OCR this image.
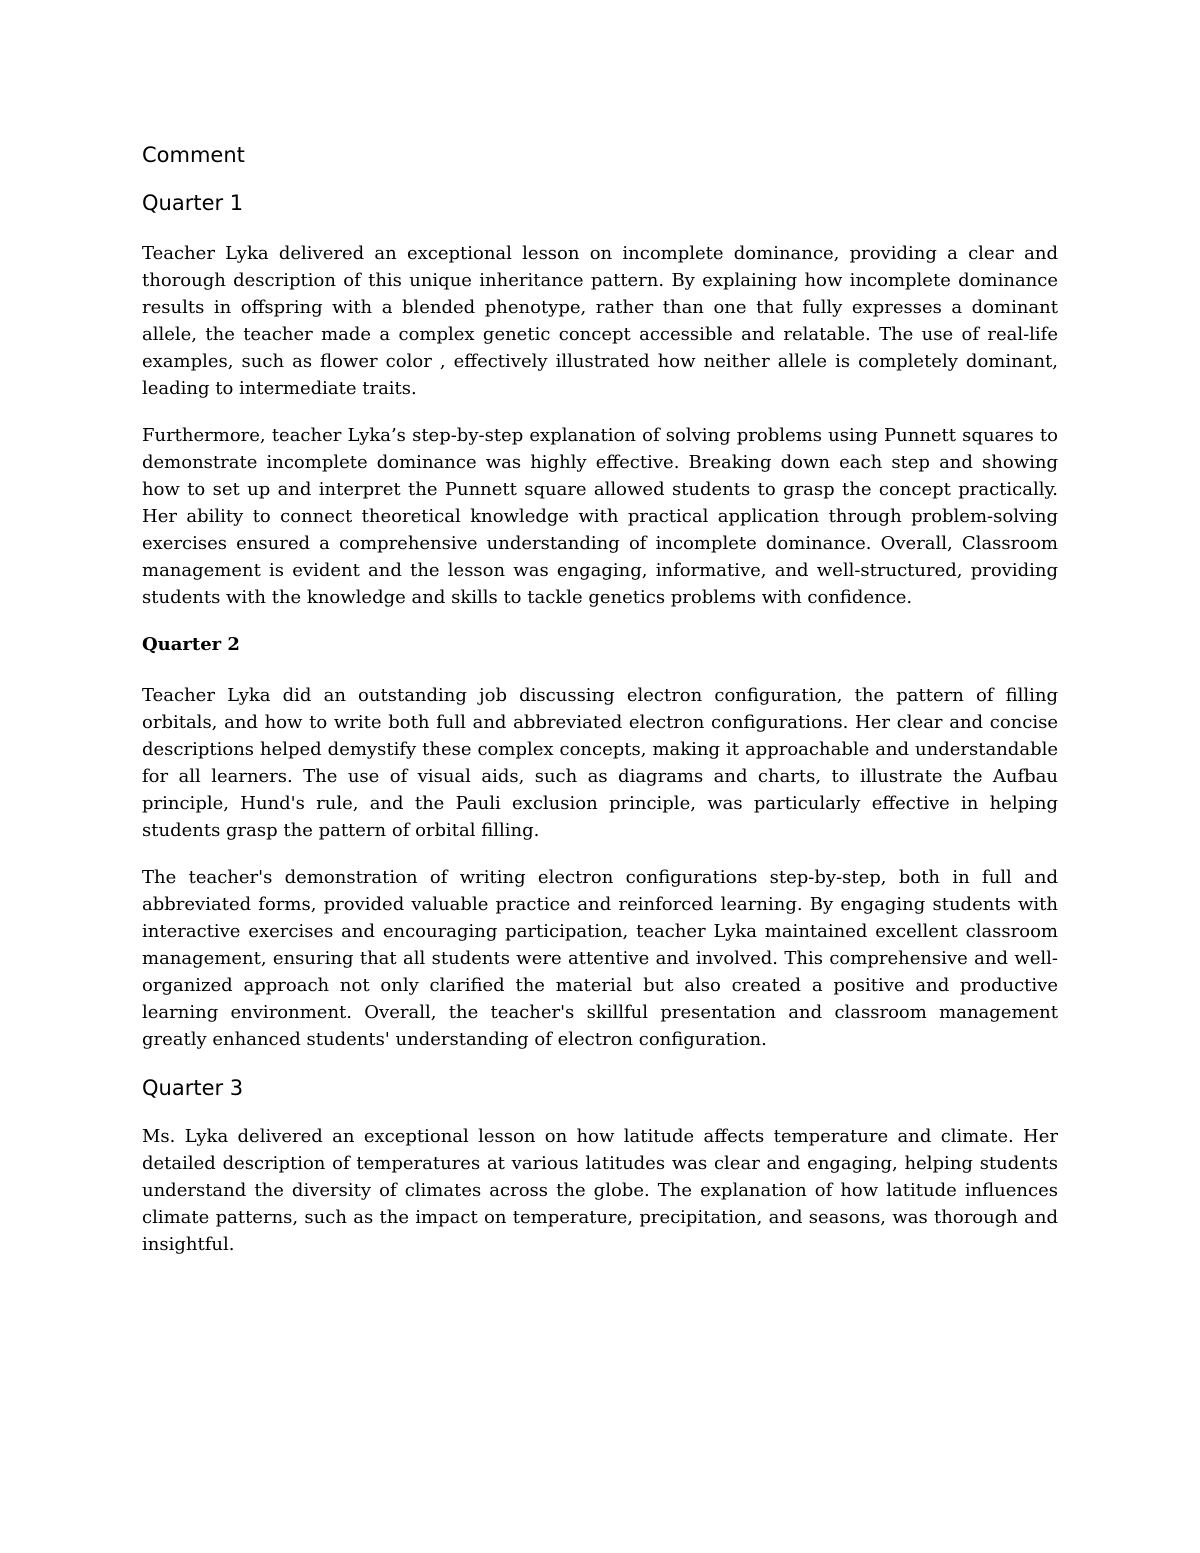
Comment
Quarter 1

Teacher Lyka delivered an exceptional lesson on incomplete dominance, providing a clear and thorough description of this unique inheritance pattern. By explaining how incomplete dominance results in offspring with a blended phenotype, rather than one that fully expresses a dominant allele, the teacher made a complex genetic concept accessible and relatable. The use of real-life examples, such as flower color , effectively illustrated how neither allele is completely dominant, leading to intermediate traits.

Furthermore, teacher Lyka’s step-by-step explanation of solving problems using Punnett squares to demonstrate incomplete dominance was highly effective. Breaking down each step and showing how to set up and interpret the Punnett square allowed students to grasp the concept practically. Her ability to connect theoretical knowledge with practical application through problem-solving exercises ensured a comprehensive understanding of incomplete dominance. Overall, Classroom management is evident and the lesson was engaging, informative, and well-structured, providing students with the knowledge and skills to tackle genetics problems with confidence.

Quarter 2

Teacher Lyka did an outstanding job discussing electron configuration, the pattern of filling orbitals, and how to write both full and abbreviated electron configurations. Her clear and concise descriptions helped demystify these complex concepts, making it approachable and understandable for all learners. The use of visual aids, such as diagrams and charts, to illustrate the Aufbau principle, Hund's rule, and the Pauli exclusion principle, was particularly effective in helping students grasp the pattern of orbital filling.

The teacher's demonstration of writing electron configurations step-by-step, both in full and abbreviated forms, provided valuable practice and reinforced learning. By engaging students with interactive exercises and encouraging participation, teacher Lyka maintained excellent classroom management, ensuring that all students were attentive and involved. This comprehensive and well-organized approach not only clarified the material but also created a positive and productive learning environment. Overall, the teacher's skillful presentation and classroom management greatly enhanced students' understanding of electron configuration.

Quarter 3

Ms. Lyka delivered an exceptional lesson on how latitude affects temperature and climate. Her detailed description of temperatures at various latitudes was clear and engaging, helping students understand the diversity of climates across the globe. The explanation of how latitude influences climate patterns, such as the impact on temperature, precipitation, and seasons, was thorough and insightful.
